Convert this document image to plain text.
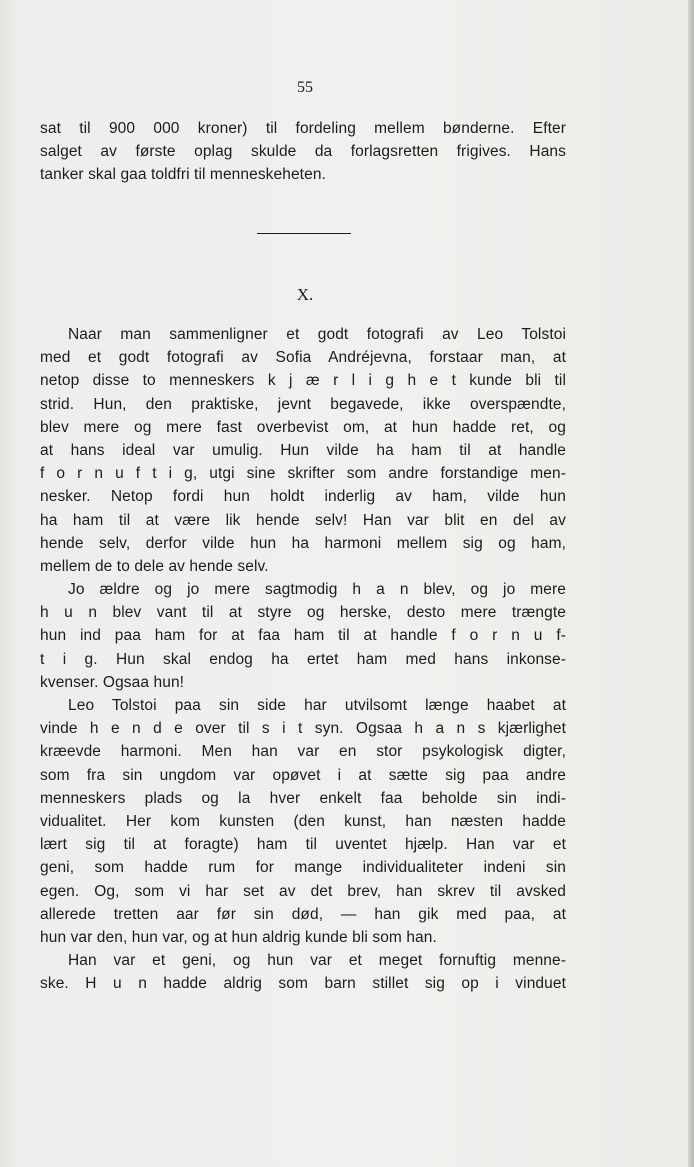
55
sat til 900 000 kroner) til fordeling mellem bønderne. Efter
salget av første oplag skulde da forlagsretten frigives. Hans
tanker skal gaa toldfri til menneskeheten.
X.
Naar man sammenligner et godt fotografi av Leo Tolstoi
med et godt fotografi av Sofia Andréjevna, forstaar man, at
netop disse to menneskers k j æ r l i g h e t kunde bli til
strid. Hun, den praktiske, jevnt begavede, ikke overspændte,
blev mere og mere fast overbevist om, at hun hadde ret, og
at hans ideal var umulig. Hun vilde ha ham til at handle
f o r n u f t i g, utgi sine skrifter som andre forstandige men-
nesker. Netop fordi hun holdt inderlig av ham, vilde hun
ha ham til at være lik hende selv! Han var blit en del av
hende selv, derfor vilde hun ha harmoni mellem sig og ham,
mellem de to dele av hende selv.
Jo ældre og jo mere sagtmodig h a n blev, og jo mere
h u n blev vant til at styre og herske, desto mere trængte
hun ind paa ham for at faa ham til at handle f o r n u f-
t i g. Hun skal endog ha ertet ham med hans inkonse-
kvenser. Ogsaa hun!
Leo Tolstoi paa sin side har utvilsomt længe haabet at
vinde h e n d e over til s i t syn. Ogsaa h a n s kjærlighet
kræevde harmoni. Men han var en stor psykologisk digter,
som fra sin ungdom var opøvet i at sætte sig paa andre
menneskers plads og la hver enkelt faa beholde sin indi-
vidualitet. Her kom kunsten (den kunst, han næsten hadde
lært sig til at foragte) ham til uventet hjælp. Han var et
geni, som hadde rum for mange individualiteter indeni sin
egen. Og, som vi har set av det brev, han skrev til avsked
allerede tretten aar før sin død, — han gik med paa, at
hun var den, hun var, og at hun aldrig kunde bli som han.
Han var et geni, og hun var et meget fornuftig menne-
ske. H u n hadde aldrig som barn stillet sig op i vinduet
